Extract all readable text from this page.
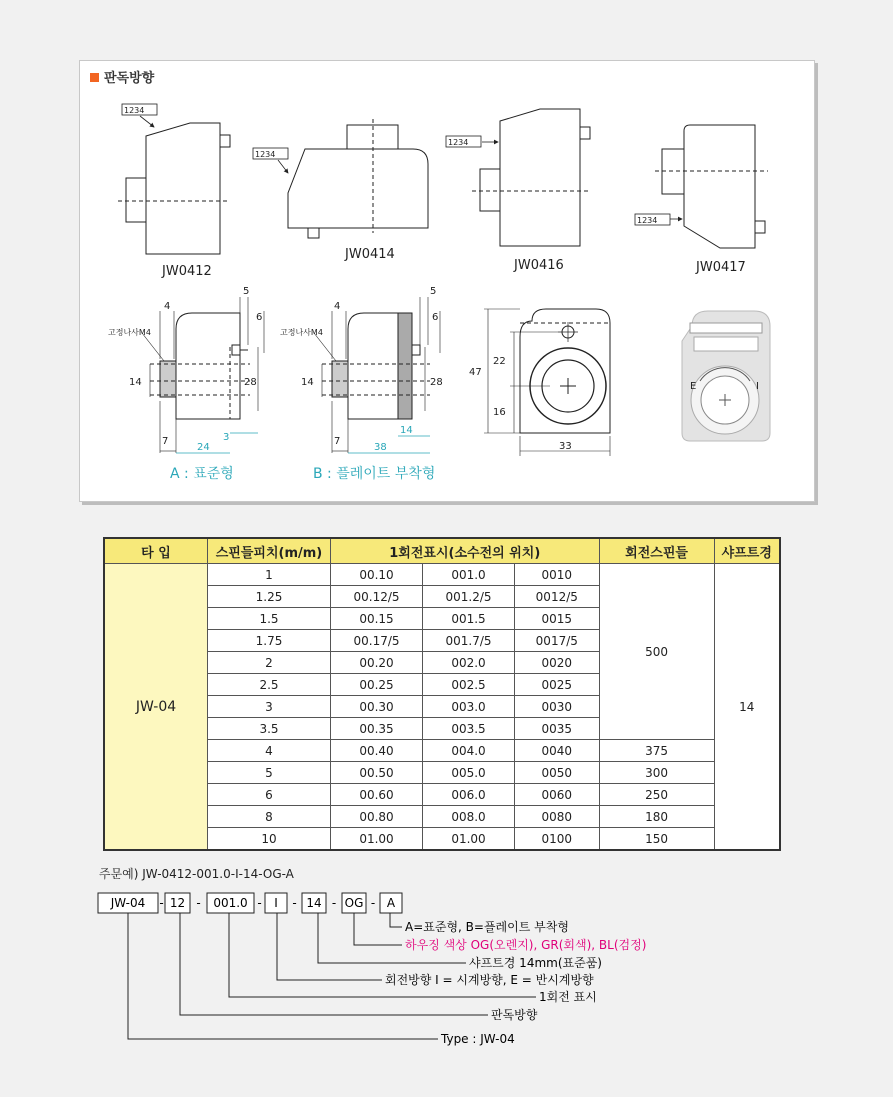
판독방향
1234
JW0412
1234
JW0414
1234
JW0416
1234
JW0417
4
5
6
고정나사M4
14	28
7
24
3
A : 표준형
4
5
6
고정나사M4
14	28
7
38
14
B : 플레이트 부착형
47
22
16
33
E	I
타 입	스핀들피치(m/m)	1회전표시(소수전의 위치)			회전스핀들	샤프트경
JW-04	1	00.10	001.0	0010	500	14
	1.25	00.12/5	001.2/5	0012/5		
	1.5	00.15	001.5	0015		
	1.75	00.17/5	001.7/5	0017/5		
	2	00.20	002.0	0020		
	2.5	00.25	002.5	0025		
	3	00.30	003.0	0030		
	3.5	00.35	003.5	0035		
	4	00.40	004.0	0040	375	
	5	00.50	005.0	0050	300	
	6	00.60	006.0	0060	250	
	8	00.80	008.0	0080	180	
	10	01.00	01.00	0100	150	
주문예) JW-0412-001.0-I-14-OG-A
JW-04 - 12 - 001.0 - I - 14 - OG - A
A=표준형, B=플레이트 부착형
하우징 색상 OG(오렌지), GR(회색), BL(검정)
샤프트경 14mm(표준품)
회전방향 I = 시계방향, E = 반시계방향
1회전 표시
판독방향
Type : JW-04
